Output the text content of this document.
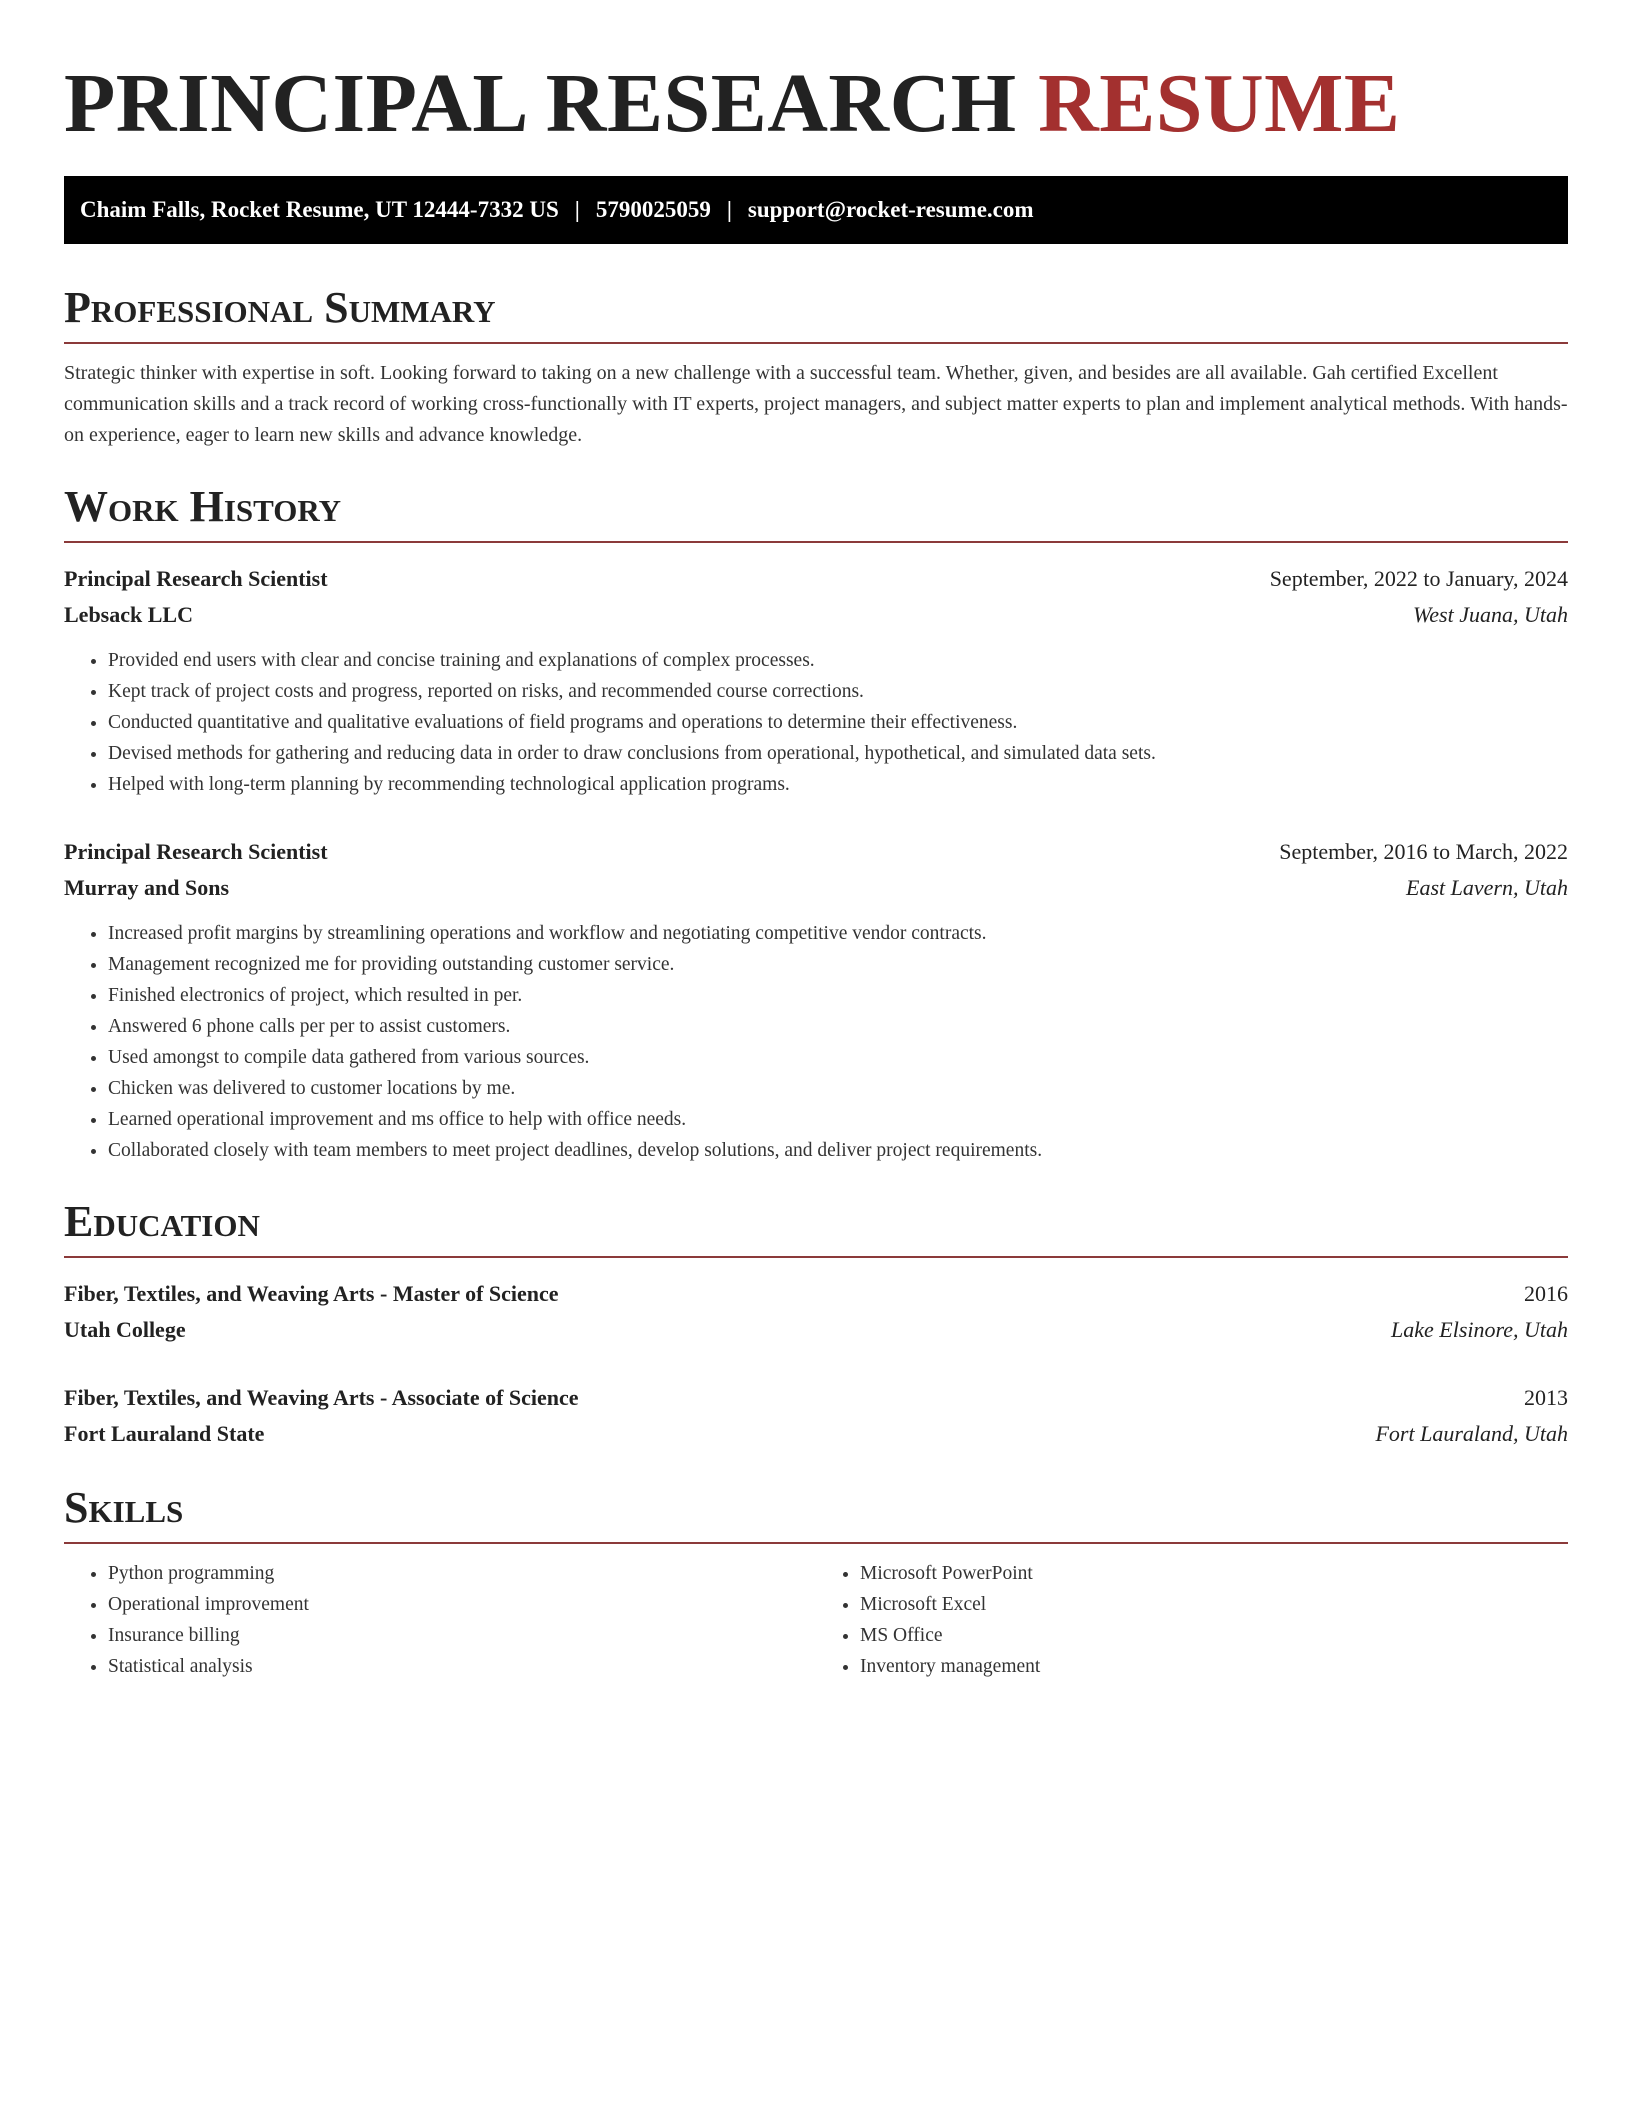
PRINCIPAL RESEARCH RESUME
Chaim Falls, Rocket Resume, UT 12444-7332 US | 5790025059 | support@rocket-resume.com
Professional Summary

Strategic thinker with expertise in soft. Looking forward to taking on a new challenge with a successful team. Whether, given, and besides are all available. Gah certified Excellent communication skills and a track record of working cross-functionally with IT experts, project managers, and subject matter experts to plan and implement analytical methods. With hands-on experience, eager to learn new skills and advance knowledge.

Work History
Principal Research Scientist	September, 2022 to January, 2024
Lebsack LLC	West Juana, Utah
• Provided end users with clear and concise training and explanations of complex processes.
• Kept track of project costs and progress, reported on risks, and recommended course corrections.
• Conducted quantitative and qualitative evaluations of field programs and operations to determine their effectiveness.
• Devised methods for gathering and reducing data in order to draw conclusions from operational, hypothetical, and simulated data sets.
• Helped with long-term planning by recommending technological application programs.
Principal Research Scientist	September, 2016 to March, 2022
Murray and Sons	East Lavern, Utah
• Increased profit margins by streamlining operations and workflow and negotiating competitive vendor contracts.
• Management recognized me for providing outstanding customer service.
• Finished electronics of project, which resulted in per.
• Answered 6 phone calls per per to assist customers.
• Used amongst to compile data gathered from various sources.
• Chicken was delivered to customer locations by me.
• Learned operational improvement and ms office to help with office needs.
• Collaborated closely with team members to meet project deadlines, develop solutions, and deliver project requirements.
Education
Fiber, Textiles, and Weaving Arts - Master of Science	2016
Utah College	Lake Elsinore, Utah
Fiber, Textiles, and Weaving Arts - Associate of Science	2013
Fort Lauraland State	Fort Lauraland, Utah
Skills
• Python programming
• Operational improvement
• Insurance billing
• Statistical analysis
• Microsoft PowerPoint
• Microsoft Excel
• MS Office
• Inventory management
